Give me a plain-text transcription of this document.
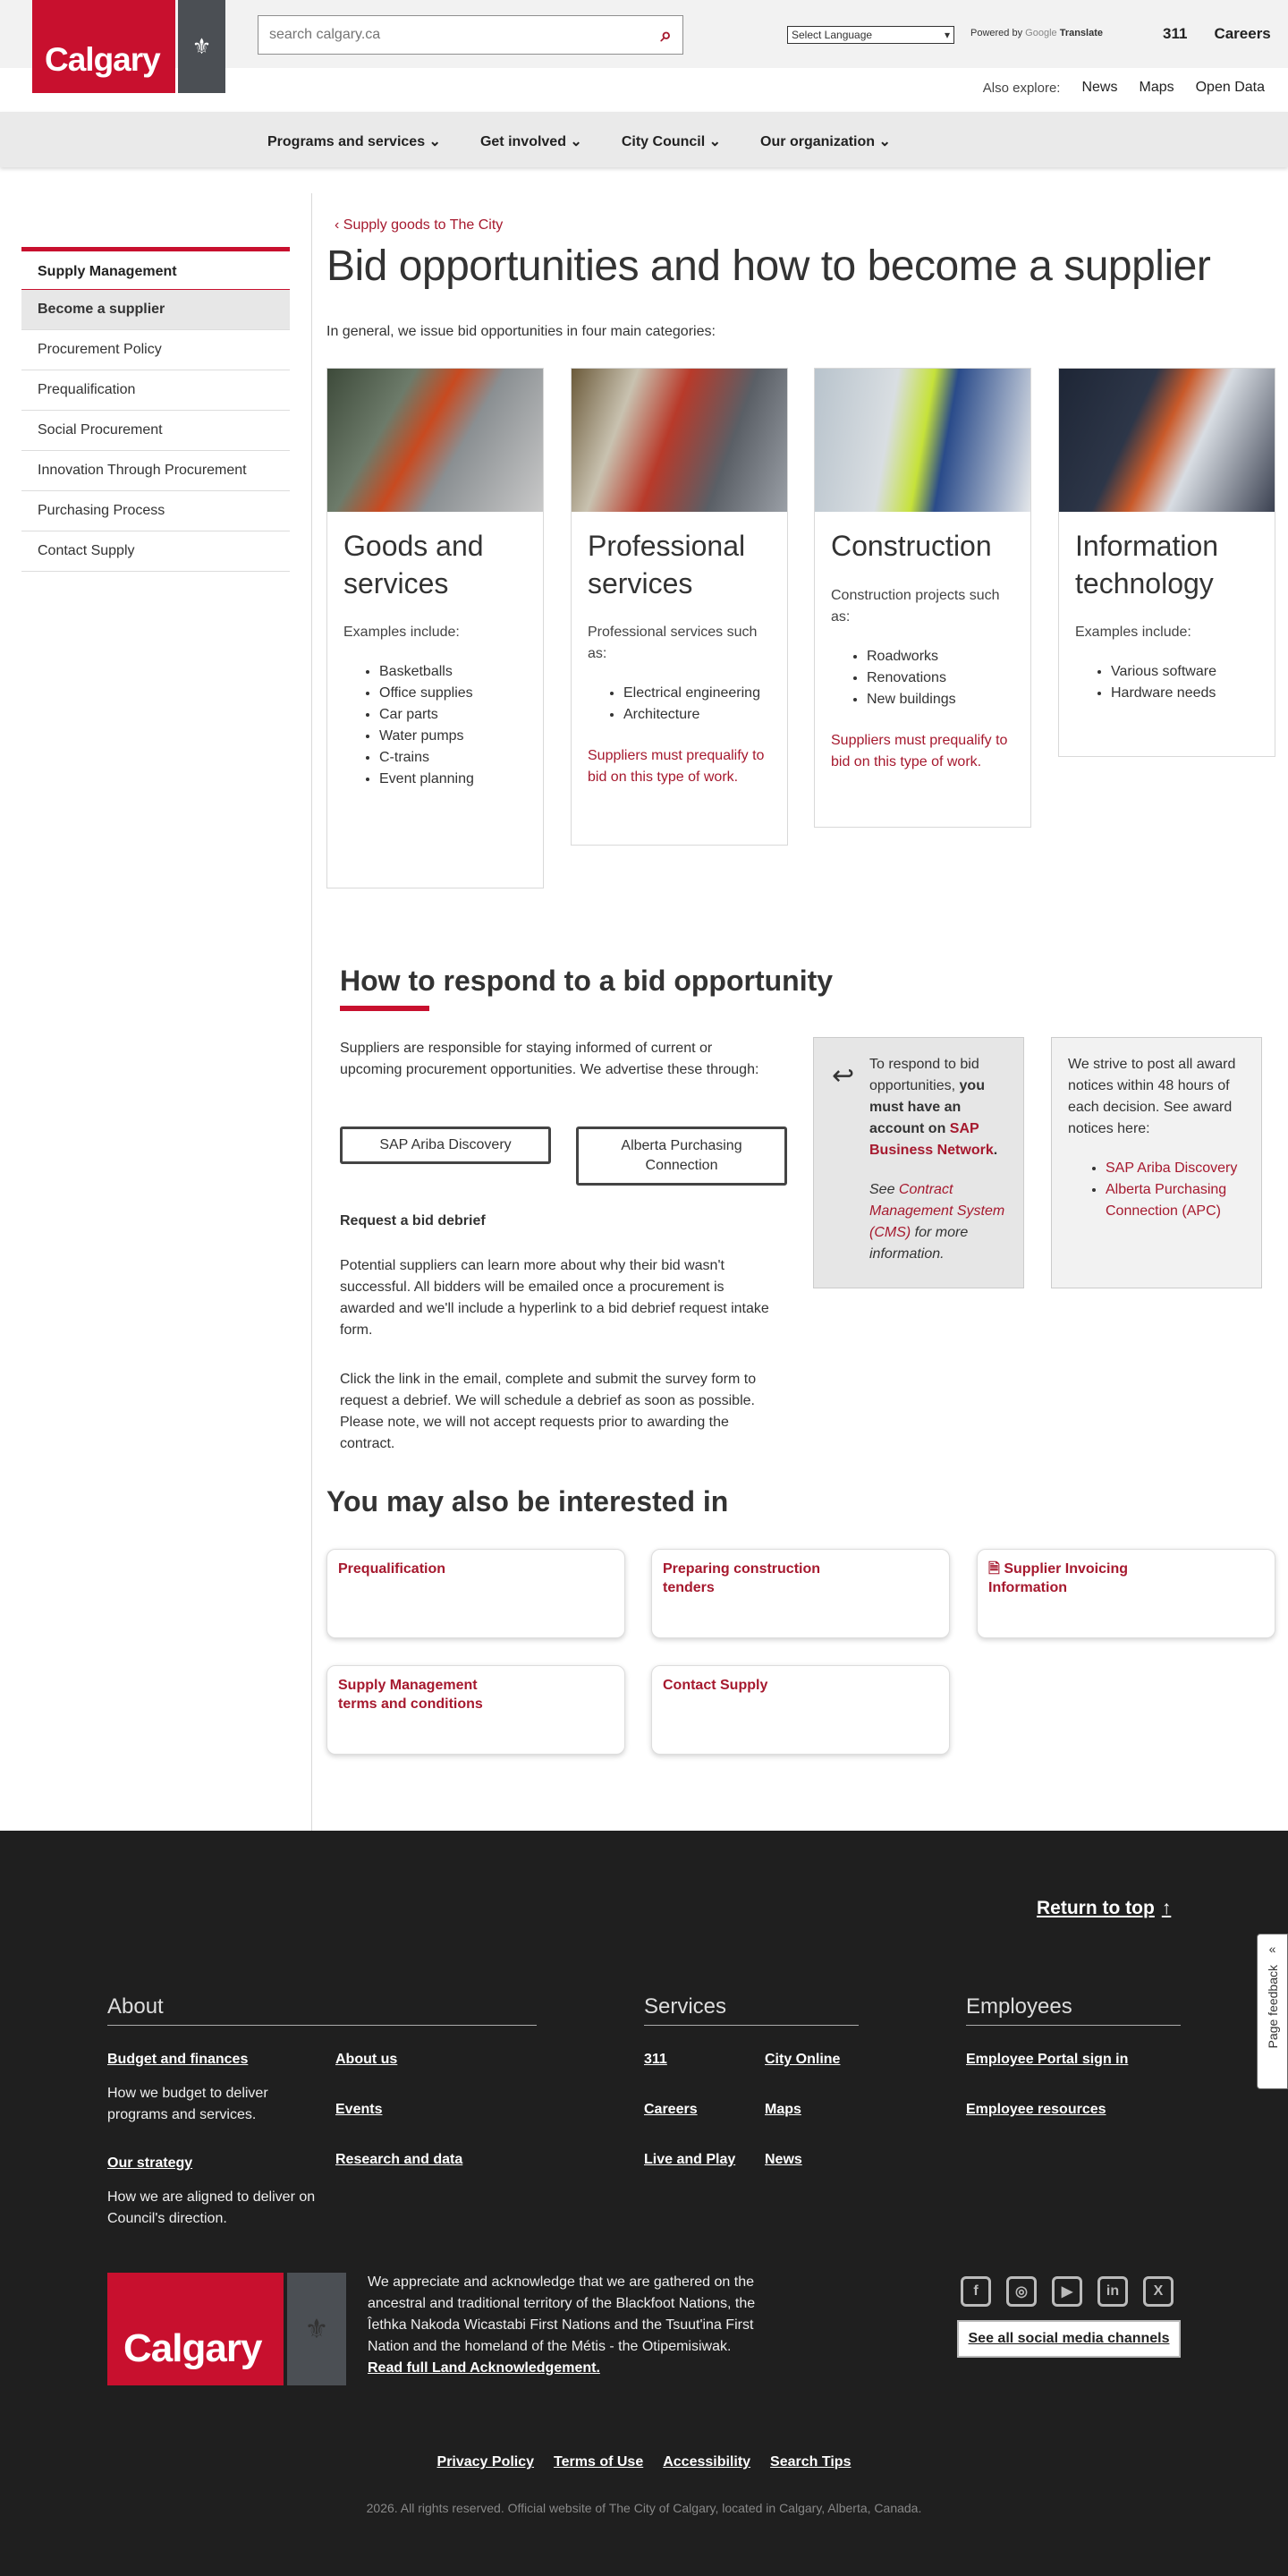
Calgary	⚜
search calgary.ca	⌕	Select Language	▾ Powered by Google Translate	311 Careers
Also explore: News Maps Open Data
Programs and services ⌄	Get involved ⌄	City Council ⌄	Our organization ⌄
Supply Management
Become a supplier
Procurement Policy
Prequalification
Social Procurement
Innovation Through Procurement
Purchasing Process
Contact Supply
‹ Supply goods to The City
Bid opportunities and how to become a supplier
In general, we issue bid opportunities in four main categories:
Goods and services

Examples include:

• Basketballs
• Office supplies
• Car parts
• Water pumps
• C-trains
• Event planning
Professional services

Professional services such as:

• Electrical engineering
• Architecture
Suppliers must prequalify to bid on this type of work.
Construction

Construction projects such as:

• Roadworks
• Renovations
• New buildings
Suppliers must prequalify to bid on this type of work.
Information technology

Examples include:

• Various software
• Hardware needs
How to respond to a bid opportunity

Suppliers are responsible for staying informed of current or upcoming procurement opportunities. We advertise these through:

SAP Ariba Discovery	Alberta Purchasing Connection
Request a bid debrief

Potential suppliers can learn more about why their bid wasn't successful. All bidders will be emailed once a procurement is awarded and we'll include a hyperlink to a bid debrief request intake form.

Click the link in the email, complete and submit the survey form to request a debrief. We will schedule a debrief as soon as possible. Please note, we will not accept requests prior to awarding the contract.

↩ To respond to bid opportunities, you must have an account on SAP Business Network.
See Contract Management System (CMS) for more information.
We strive to post all award notices within 48 hours of each decision. See award notices here:
• SAP Ariba Discovery
• Alberta Purchasing Connection (APC)
You may also be interested in
Prequalification	Preparing construction tenders
🗎 Supplier Invoicing Information
Supply Management terms and conditions
Contact Supply
Return to top ↑
About
Budget and finances
How we budget to deliver programs and services.
Our strategy
How we are aligned to deliver on Council's direction.
About us
Events
Research and data
Services
311	City Online
Careers	Maps
Live and Play News
Employees
Employee Portal sign in
Employee resources
Calgary	⚜
We appreciate and acknowledge that we are gathered on the ancestral and traditional territory of the Blackfoot Nations, the Îethka Nakoda Wicastabi First Nations and the Tsuut'ina First Nation and the homeland of the Métis - the Otipemisiwak.
Read full Land Acknowledgement.
f	◎	▶	in	X
See all social media channels
Privacy Policy Terms of Use Accessibility Search Tips
2026. All rights reserved. Official website of The City of Calgary, located in Calgary, Alberta, Canada.
«
Page feedback
